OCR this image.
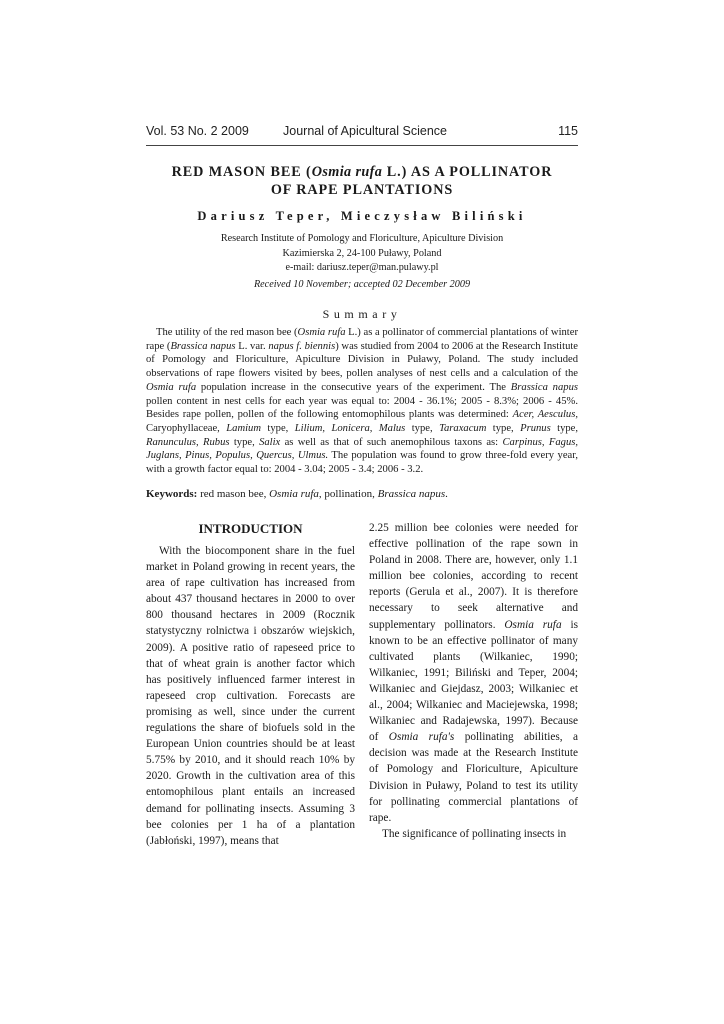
Vol. 53 No. 2 2009	Journal of Apicultural Science	115
RED MASON BEE (Osmia rufa L.) AS A POLLINATOR
OF RAPE PLANTATIONS
Dariusz Teper, Mieczysław Biliński
Research Institute of Pomology and Floriculture, Apiculture Division
Kazimierska 2, 24-100 Puławy, Poland
e-mail: dariusz.teper@man.pulawy.pl
Received 10 November; accepted 02 December 2009
Summary

The utility of the red mason bee (Osmia rufa L.) as a pollinator of commercial plantations of winter rape (Brassica napus L. var. napus f. biennis) was studied from 2004 to 2006 at the Research Institute of Pomology and Floriculture, Apiculture Division in Puławy, Poland. The study included observations of rape flowers visited by bees, pollen analyses of nest cells and a calculation of the Osmia rufa population increase in the consecutive years of the experiment. The Brassica napus pollen content in nest cells for each year was equal to: 2004 - 36.1%; 2005 - 8.3%; 2006 - 45%. Besides rape pollen, pollen of the following entomophilous plants was determined: Acer, Aesculus, Caryophyllaceae, Lamium type, Lilium, Lonicera, Malus type, Taraxacum type, Prunus type, Ranunculus, Rubus type, Salix as well as that of such anemophilous taxons as: Carpinus, Fagus, Juglans, Pinus, Populus, Quercus, Ulmus. The population was found to grow three-fold every year, with a growth factor equal to: 2004 - 3.04; 2005 - 3.4; 2006 - 3.2.

Keywords: red mason bee, Osmia rufa, pollination, Brassica napus.
INTRODUCTION

With the biocomponent share in the fuel market in Poland growing in recent years, the area of rape cultivation has increased from about 437 thousand hectares in 2000 to over 800 thousand hectares in 2009 (Rocznik statystyczny rolnictwa i obszarów wiejskich, 2009). A positive ratio of rapeseed price to that of wheat grain is another factor which has positively influenced farmer interest in rapeseed crop cultivation. Forecasts are promising as well, since under the current regulations the share of biofuels sold in the European Union countries should be at least 5.75% by 2010, and it should reach 10% by 2020. Growth in the cultivation area of this entomophilous plant entails an increased demand for pollinating insects. Assuming 3 bee colonies per 1 ha of a plantation (Jabłoński, 1997), means that

2.25 million bee colonies were needed for effective pollination of the rape sown in Poland in 2008. There are, however, only 1.1 million bee colonies, according to recent reports (Gerula et al., 2007). It is therefore necessary to seek alternative and supplementary pollinators. Osmia rufa is known to be an effective pollinator of many cultivated plants (Wilkaniec, 1990; Wilkaniec, 1991; Biliński and Teper, 2004; Wilkaniec and Giejdasz, 2003; Wilkaniec et al., 2004; Wilkaniec and Maciejewska, 1998; Wilkaniec and Radajewska, 1997). Because of Osmia rufa's pollinating abilities, a decision was made at the Research Institute of Pomology and Floriculture, Apiculture Division in Puławy, Poland to test its utility for pollinating commercial plantations of rape.

The significance of pollinating insects in
